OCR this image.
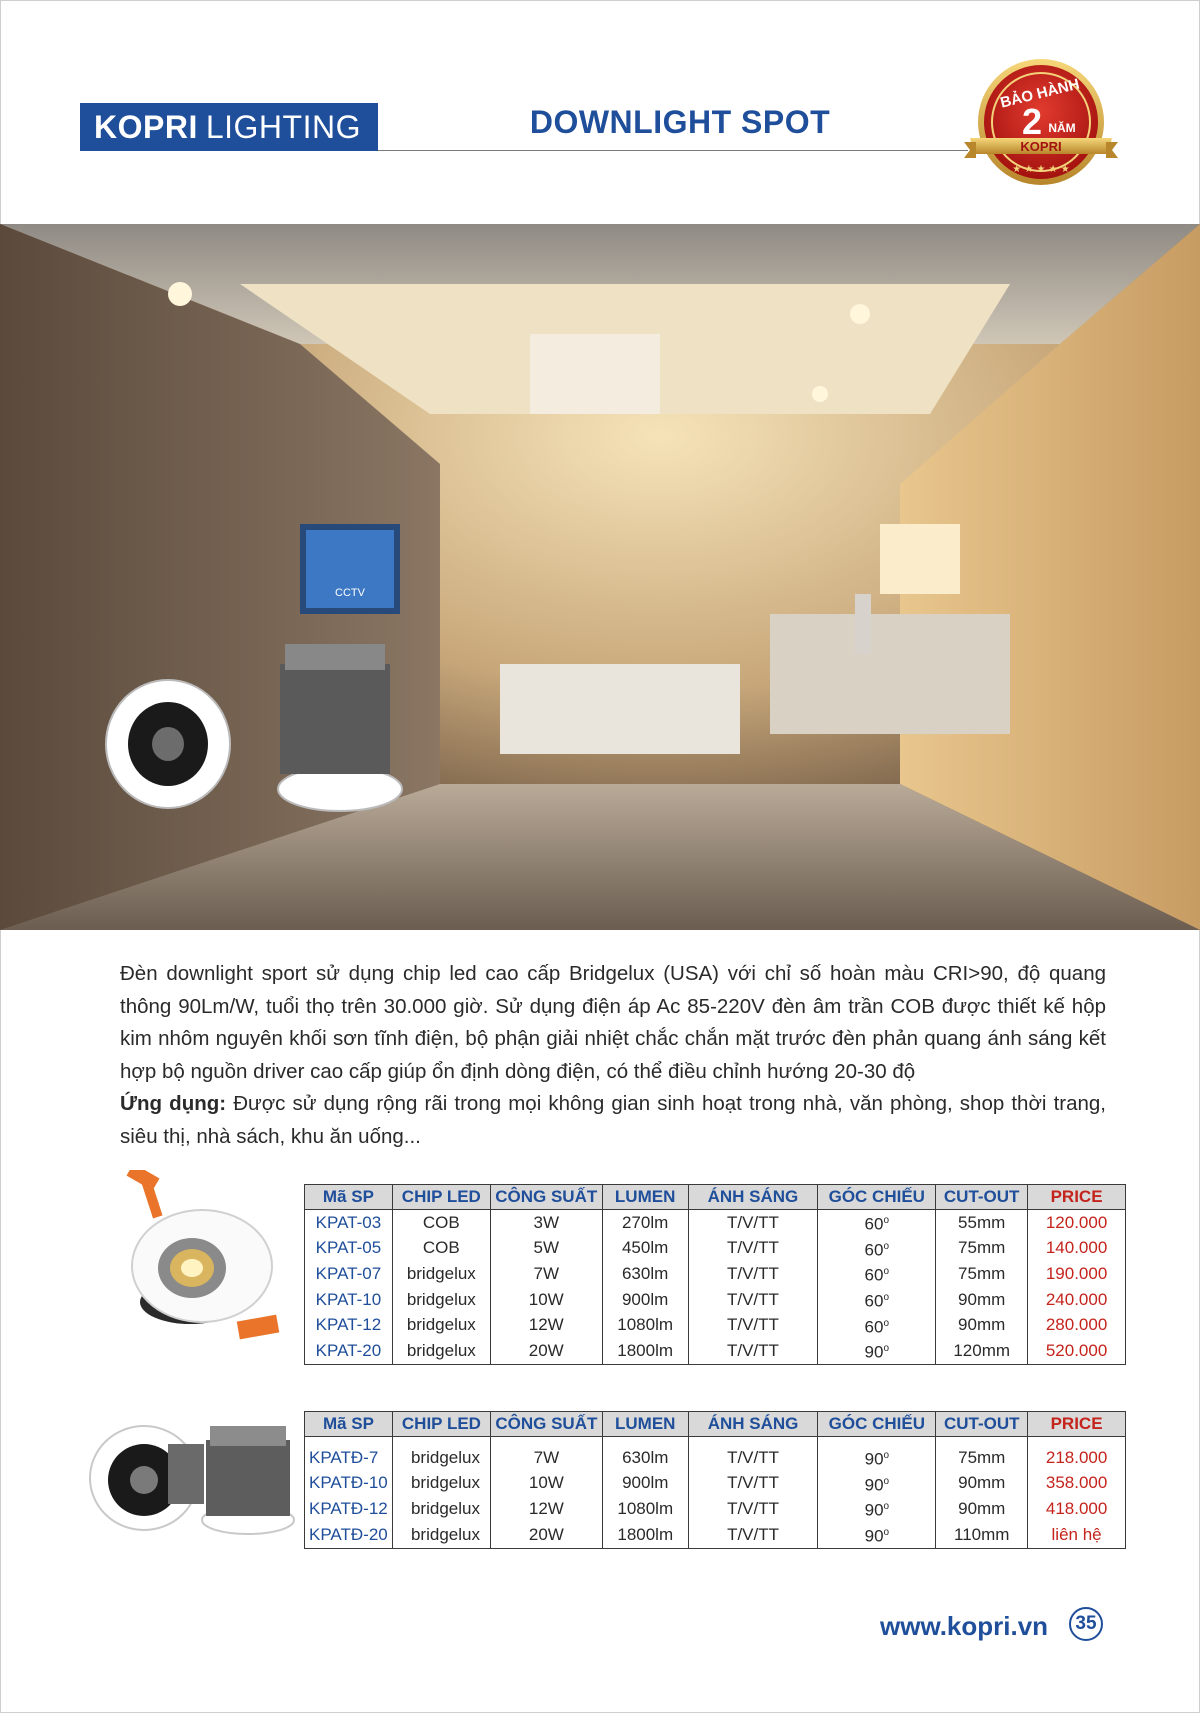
KOPRI LIGHTING	DOWNLIGHT SPOT
BẢO HÀNH
2 NĂM
KOPRI
★ ★ ★ ★ ★
CCTV

Đèn downlight sport sử dụng chip led cao cấp Bridgelux (USA) với chỉ số hoàn màu CRI>90, độ quang thông 90Lm/W, tuổi thọ trên 30.000 giờ. Sử dụng điện áp Ac 85-220V đèn âm trần COB được thiết kế hộp kim nhôm nguyên khối sơn tĩnh điện, bộ phận giải nhiệt chắc chắn mặt trước đèn phản quang ánh sáng kết hợp bộ nguồn driver cao cấp giúp ổn định dòng điện, có thể điều chỉnh hướng 20-30 độ

Ứng dụng: Được sử dụng rộng rãi trong mọi không gian sinh hoạt trong nhà, văn phòng, shop thời trang, siêu thị, nhà sách, khu ăn uống...

Mã SP	CHIP LED	CÔNG SUẤT	LUMEN	ÁNH SÁNG	GÓC CHIẾU	CUT-OUT	PRICE
KPAT-03	COB	3W	270lm	T/V/TT	60$^o$	55mm	120.000
KPAT-05	COB	5W	450lm	T/V/TT	60$^o$	75mm	140.000
KPAT-07	bridgelux	7W	630lm	T/V/TT	60$^o$	75mm	190.000
KPAT-10	bridgelux	10W	900lm	T/V/TT	60$^o$	90mm	240.000
KPAT-12	bridgelux	12W	1080lm	T/V/TT	60$^o$	90mm	280.000
KPAT-20	bridgelux	20W	1800lm	T/V/TT	90$^o$	120mm	520.000
Mã SP	CHIP LED	CÔNG SUẤT	LUMEN	ÁNH SÁNG	GÓC CHIẾU	CUT-OUT	PRICE
KPATĐ-7	bridgelux	7W	630lm	T/V/TT	90$^o$	75mm	218.000
KPATĐ-10	bridgelux	10W	900lm	T/V/TT	90$^o$	90mm	358.000
KPATĐ-12	bridgelux	12W	1080lm	T/V/TT	90$^o$	90mm	418.000
KPATĐ-20	bridgelux	20W	1800lm	T/V/TT	90$^o$	110mm	liên hệ
www.kopri.vn	35
